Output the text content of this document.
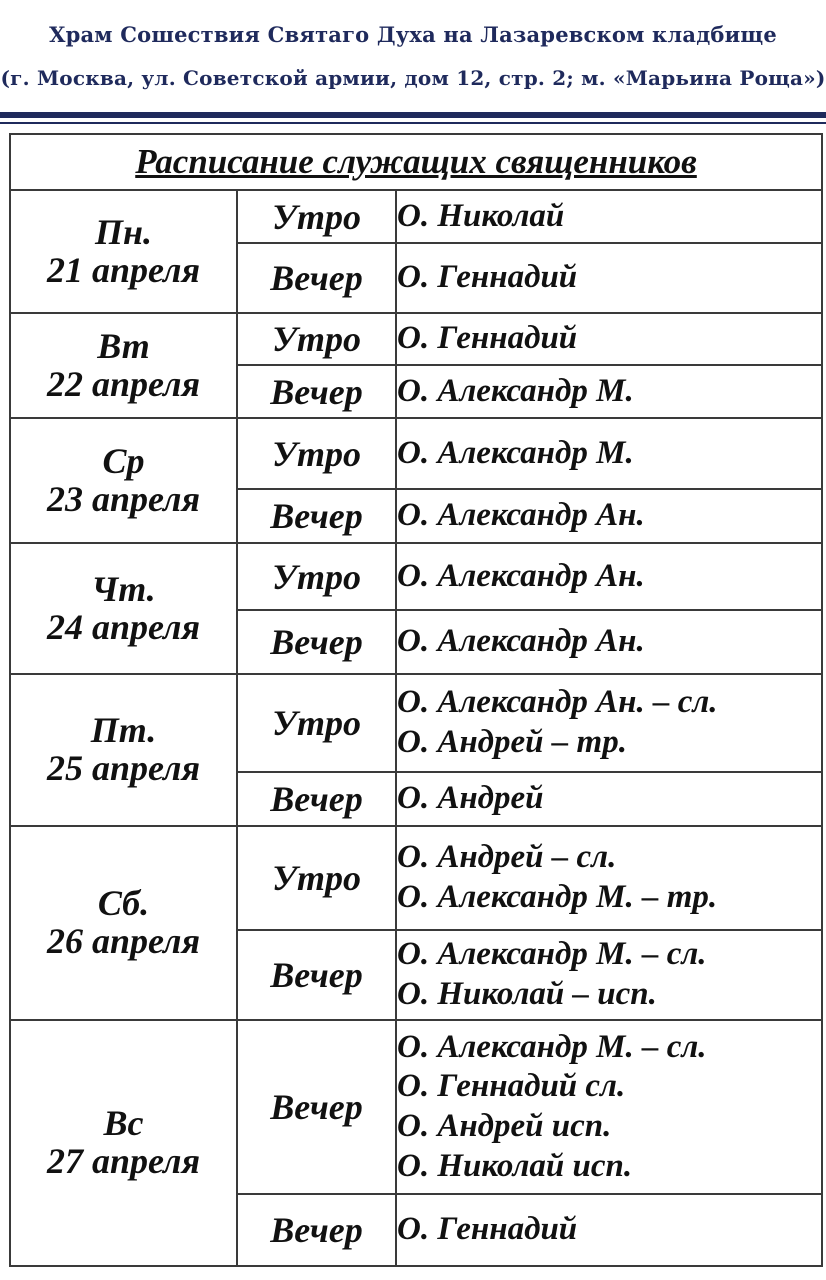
Храм Сошествия Святаго Духа на Лазаревском кладбище
(г. Москва, ул. Советской армии, дом 12, стр. 2; м. «Марьина Роща»)
Расписание служащих священников		

Пн.
21 апреля	Утро	О. Николай

	Вечер	О. Геннадий

Вт
22 апреля	Утро	О. Геннадий

	Вечер	О. Александр М.

Ср
23 апреля	Утро	О. Александр М.

	Вечер	О. Александр Ан.

Чт.
24 апреля	Утро	О. Александр Ан.

	Вечер	О. Александр Ан.

Пт.
25 апреля	Утро	О. Александр Ан. – сл.
О. Андрей – тр.

	Вечер	О. Андрей

Сб.
26 апреля	Утро	О. Андрей – сл.
О. Александр М. – тр.

	Вечер	О. Александр М. – сл.
О. Николай – исп.

Вс
27 апреля	Вечер	О. Александр М. – сл.
О. Геннадий сл.
О. Андрей исп.
О. Николай исп.

	Вечер	О. Геннадий
